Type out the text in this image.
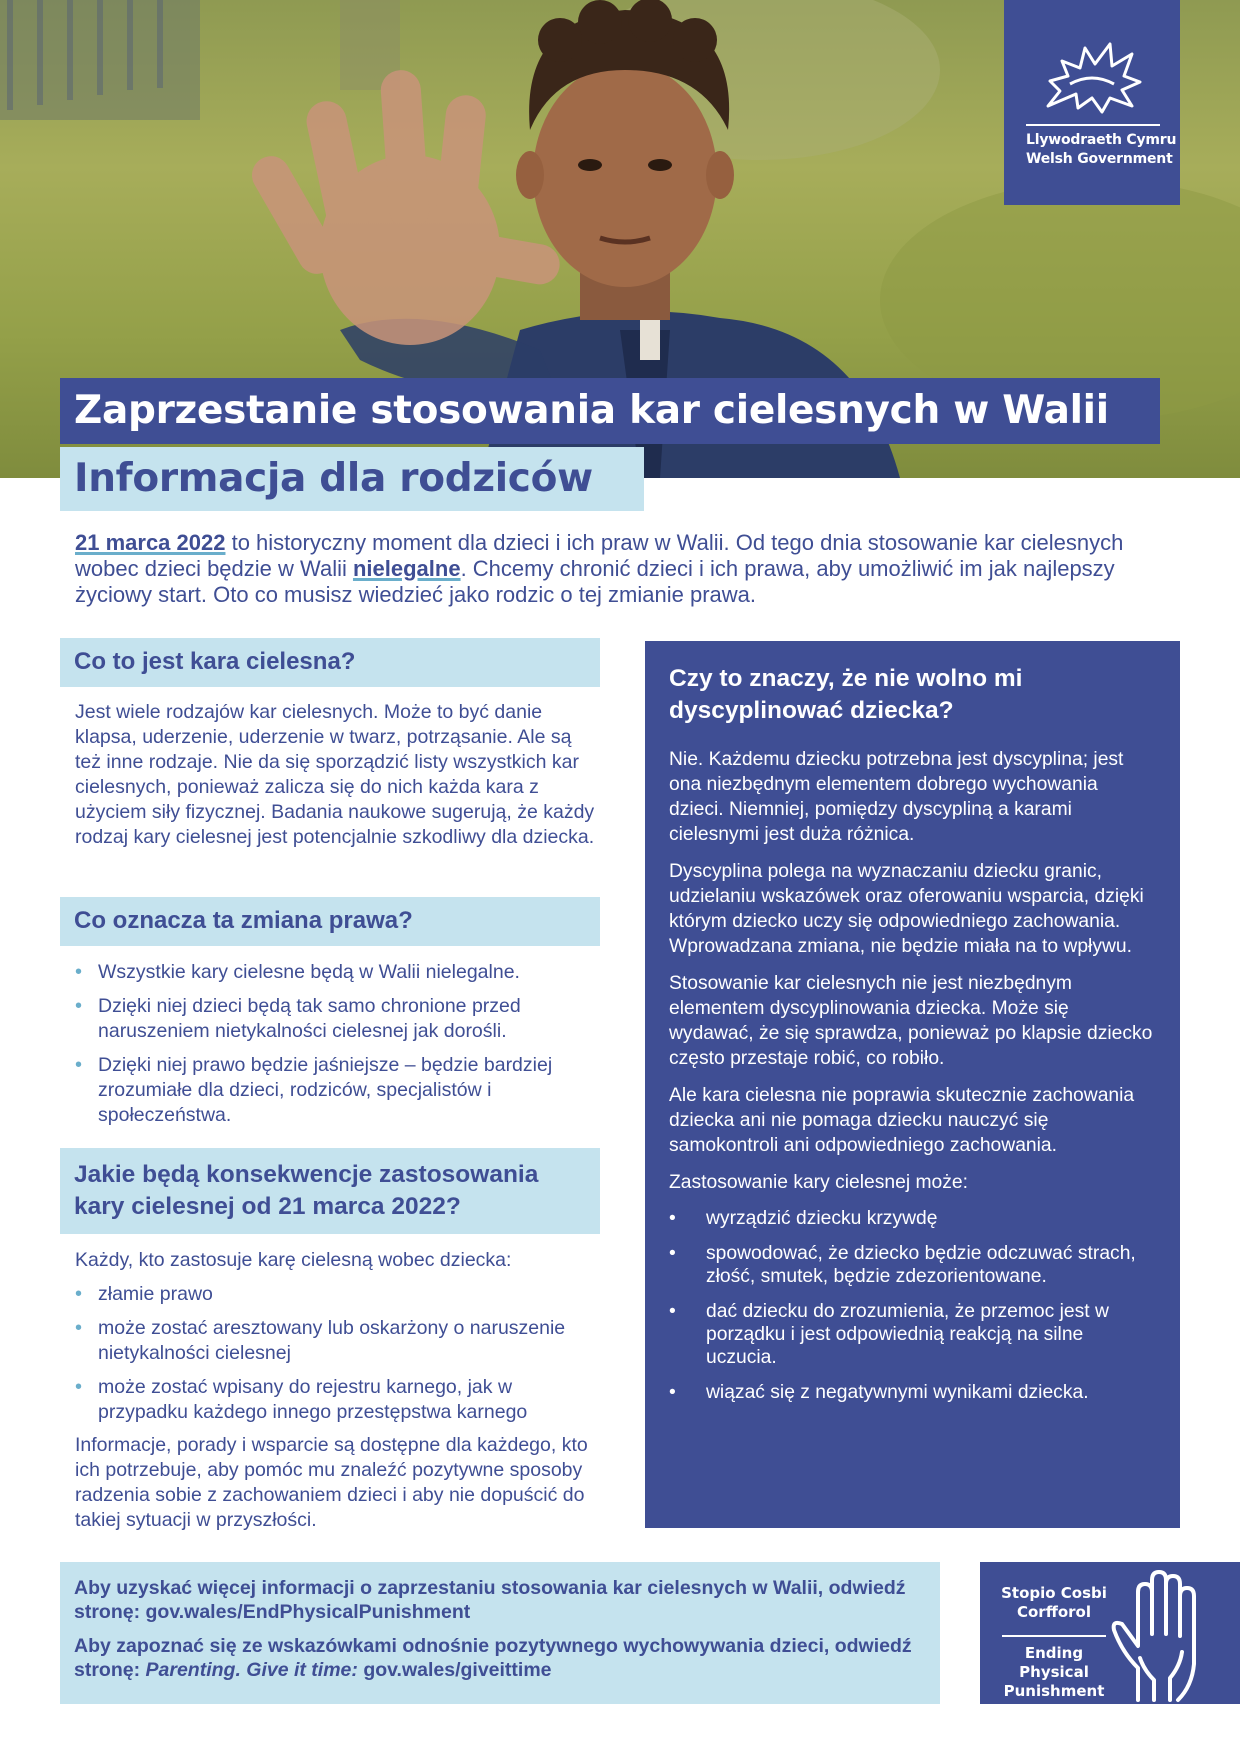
Llywodraeth Cymru
Welsh Government
Zaprzestanie stosowania kar cielesnych w Walii
Informacja dla rodziców
21 marca 2022 to historyczny moment dla dzieci i ich praw w Walii. Od tego dnia stosowanie kar cielesnych wobec dzieci będzie w Walii nielegalne. Chcemy chronić dzieci i ich prawa, aby umożliwić im jak najlepszy życiowy start. Oto co musisz wiedzieć jako rodzic o tej zmianie prawa.
Co to jest kara cielesna?
Jest wiele rodzajów kar cielesnych. Może to być danie klapsa, uderzenie, uderzenie w twarz, potrząsanie. Ale są też inne rodzaje. Nie da się sporządzić listy wszystkich kar cielesnych, ponieważ zalicza się do nich każda kara z użyciem siły fizycznej. Badania naukowe sugerują, że każdy rodzaj kary cielesnej jest potencjalnie szkodliwy dla dziecka.
Co oznacza ta zmiana prawa?
• Wszystkie kary cielesne będą w Walii nielegalne.
• Dzięki niej dzieci będą tak samo chronione przed naruszeniem nietykalności cielesnej jak dorośli.
• Dzięki niej prawo będzie jaśniejsze – będzie bardziej zrozumiałe dla dzieci, rodziców, specjalistów i społeczeństwa.
Jakie będą konsekwencje zastosowania kary cielesnej od 21 marca 2022?
Każdy, kto zastosuje karę cielesną wobec dziecka:
• złamie prawo
• może zostać aresztowany lub oskarżony o naruszenie nietykalności cielesnej
• może zostać wpisany do rejestru karnego, jak w przypadku każdego innego przestępstwa karnego
Informacje, porady i wsparcie są dostępne dla każdego, kto ich potrzebuje, aby pomóc mu znaleźć pozytywne sposoby radzenia sobie z zachowaniem dzieci i aby nie dopuścić do takiej sytuacji w przyszłości.
Czy to znaczy, że nie wolno mi dyscyplinować dziecka?

Nie. Każdemu dziecku potrzebna jest dyscyplina; jest ona niezbędnym elementem dobrego wychowania dzieci. Niemniej, pomiędzy dyscypliną a karami cielesnymi jest duża różnica.

Dyscyplina polega na wyznaczaniu dziecku granic, udzielaniu wskazówek oraz oferowaniu wsparcia, dzięki którym dziecko uczy się odpowiedniego zachowania. Wprowadzana zmiana, nie będzie miała na to wpływu.

Stosowanie kar cielesnych nie jest niezbędnym elementem dyscyplinowania dziecka. Może się wydawać, że się sprawdza, ponieważ po klapsie dziecko często przestaje robić, co robiło.

Ale kara cielesna nie poprawia skutecznie zachowania dziecka ani nie pomaga dziecku nauczyć się samokontroli ani odpowiedniego zachowania.

Zastosowanie kary cielesnej może:

• wyrządzić dziecku krzywdę
• spowodować, że dziecko będzie odczuwać strach, złość, smutek, będzie zdezorientowane.
• dać dziecku do zrozumienia, że przemoc jest w porządku i jest odpowiednią reakcją na silne uczucia.
• wiązać się z negatywnymi wynikami dziecka.

Aby uzyskać więcej informacji o zaprzestaniu stosowania kar cielesnych w Walii, odwiedź stronę: gov.wales/EndPhysicalPunishment

Aby zapoznać się ze wskazówkami odnośnie pozytywnego wychowywania dzieci, odwiedź stronę: Parenting. Give it time: gov.wales/giveittime

Stopio Cosbi Corfforol
Ending Physical Punishment
